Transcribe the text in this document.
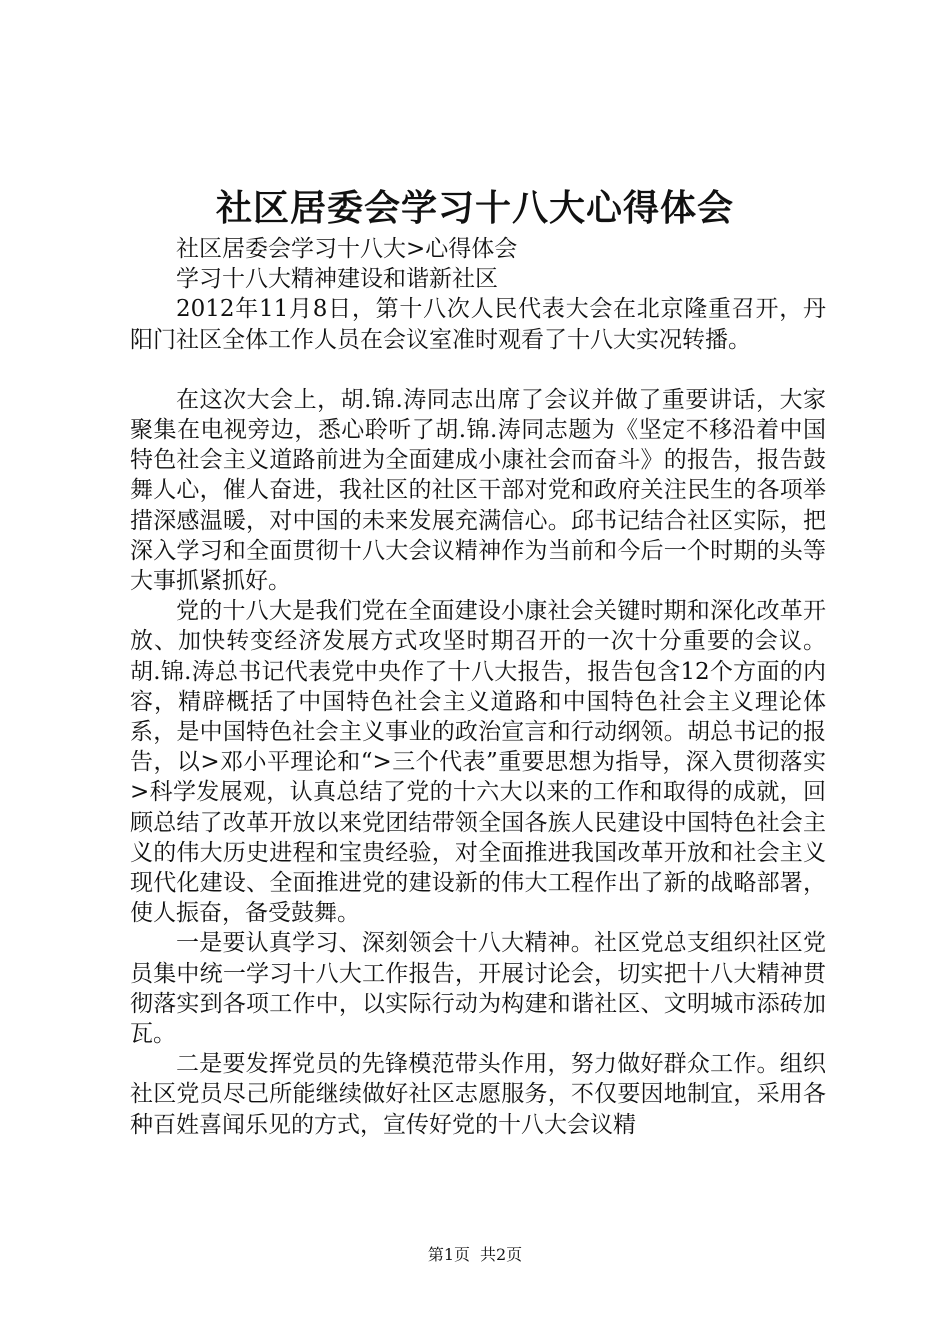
社区居委会学习十八大心得体会

社区居委会学习十八大>心得体会

学习十八大精神建设和谐新社区

2012年11月8日，第十八次人民代表大会在北京隆重召开，丹阳门社区全体工作人员在会议室准时观看了十八大实况转播。

在这次大会上，胡.锦.涛同志出席了会议并做了重要讲话，大家聚集在电视旁边，悉心聆听了胡.锦.涛同志题为《坚定不移沿着中国特色社会主义道路前进为全面建成小康社会而奋斗》的报告，报告鼓舞人心，催人奋进，我社区的社区干部对党和政府关注民生的各项举措深感温暖，对中国的未来发展充满信心。邱书记结合社区实际，把深入学习和全面贯彻十八大会议精神作为当前和今后一个时期的头等大事抓紧抓好。

党的十八大是我们党在全面建设小康社会关键时期和深化改革开放、加快转变经济发展方式攻坚时期召开的一次十分重要的会议。胡.锦.涛总书记代表党中央作了十八大报告，报告包含12个方面的内容，精辟概括了中国特色社会主义道路和中国特色社会主义理论体系，是中国特色社会主义事业的政治宣言和行动纲领。胡总书记的报告，以>邓小平理论和“>三个代表”重要思想为指导，深入贯彻落实>科学发展观，认真总结了党的十六大以来的工作和取得的成就，回顾总结了改革开放以来党团结带领全国各族人民建设中国特色社会主义的伟大历史进程和宝贵经验，对全面推进我国改革开放和社会主义现代化建设、全面推进党的建设新的伟大工程作出了新的战略部署，使人振奋，备受鼓舞。

一是要认真学习、深刻领会十八大精神。社区党总支组织社区党员集中统一学习十八大工作报告，开展讨论会，切实把十八大精神贯彻落实到各项工作中，以实际行动为构建和谐社区、文明城市添砖加瓦。

二是要发挥党员的先锋模范带头作用，努力做好群众工作。组织社区党员尽己所能继续做好社区志愿服务，不仅要因地制宜，采用各种百姓喜闻乐见的方式，宣传好党的十八大会议精

第1页 共2页
